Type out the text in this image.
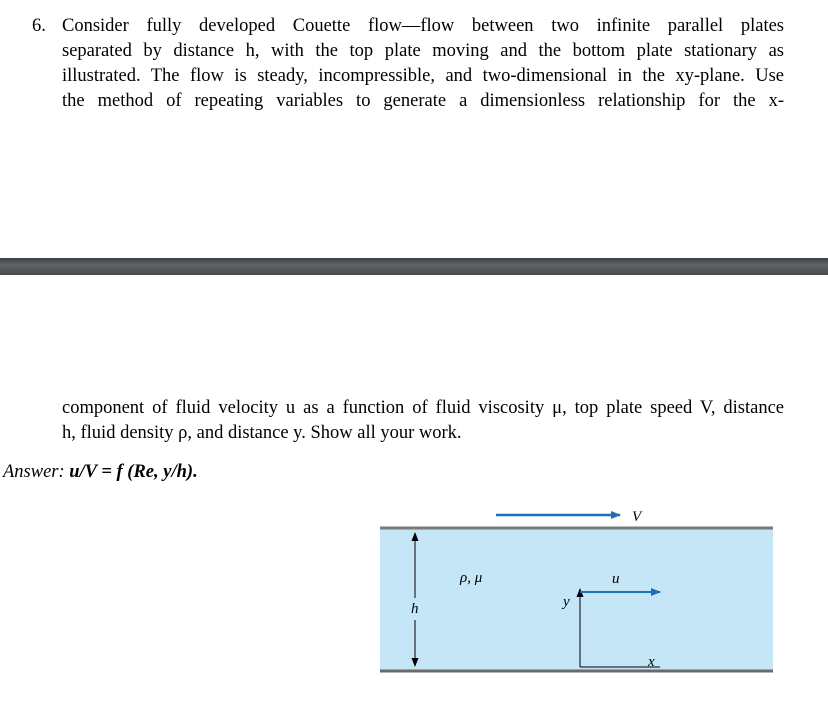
6. Consider fully developed Couette flow—flow between two infinite parallel plates
separated by distance h, with the top plate moving and the bottom plate stationary as
illustrated. The flow is steady, incompressible, and two-dimensional in the xy-plane. Use
the method of repeating variables to generate a dimensionless relationship for the x-
component of fluid velocity u as a function of fluid viscosity μ, top plate speed V, distance
h, fluid density ρ, and distance y. Show all your work.
Answer: u/V = f (Re, y/h).
V
h
ρ, μ
y
x
u
